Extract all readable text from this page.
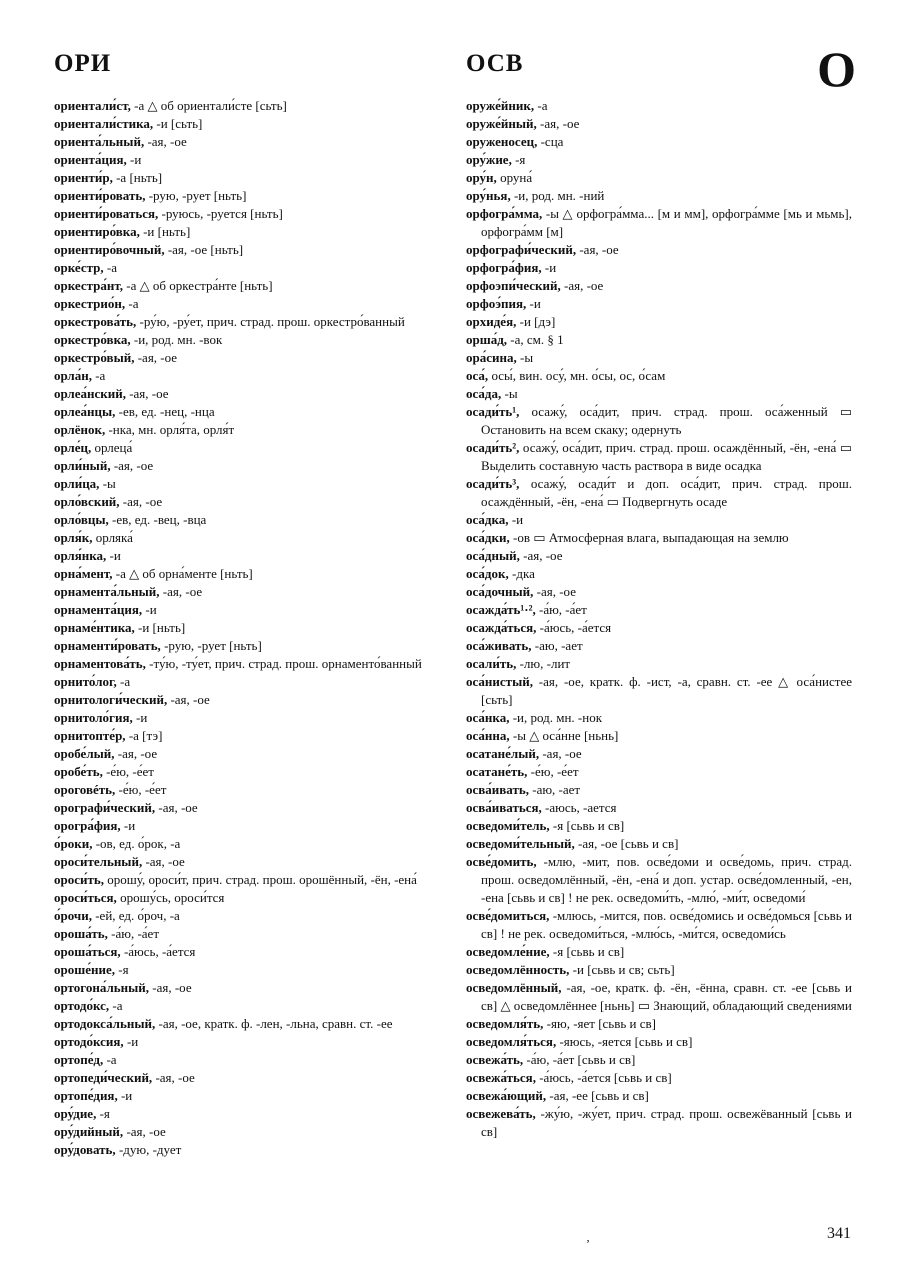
ОРИ	ОСВ	О
ориентали́ст, -а △ об ориентали́сте [сьть]
ориентали́стика, -и [сьть]
ориента́льный, -ая, -ое
ориента́ция, -и
ориенти́р, -а [ньть]
ориенти́ровать, -рую, -рует [ньть]
ориенти́роваться, -руюсь, -руется [ньть]
ориентиро́вка, -и [ньть]
ориентиро́вочный, -ая, -ое [ньть]
орке́стр, -а
оркестра́нт, -а △ об оркестра́нте [ньть]
оркестрио́н, -а
оркестрова́ть, -ру́ю, -ру́ет, прич. страд. прош. оркестро́ванный
оркестро́вка, -и, род. мн. -вок
оркестро́вый, -ая, -ое
орла́н, -а
орлеа́нский, -ая, -ое
орлеа́нцы, -ев, ед. -нец, -нца
орлёнок, -нка, мн. орля́та, орля́т
орле́ц, орлеца́
орли́ный, -ая, -ое
орли́ца, -ы
орло́вский, -ая, -ое
орло́вцы, -ев, ед. -вец, -вца
орля́к, орляка́
орля́нка, -и
орна́мент, -а △ об орна́менте [ньть]
орнамента́льный, -ая, -ое
орнамента́ция, -и
орнаме́нтика, -и [ньть]
орнаменти́ровать, -рую, -рует [ньть]
орнаментова́ть, -ту́ю, -ту́ет, прич. страд. прош. орнаменто́ванный
орнито́лог, -а
орнитологи́ческий, -ая, -ое
орнитоло́гия, -и
орнитопте́р, -а [тэ]
оробе́лый, -ая, -ое
оробе́ть, -е́ю, -е́ет
ороговéть, -е́ю, -е́ет
орографи́ческий, -ая, -ое
орогра́фия, -и
о́роки, -ов, ед. о́рок, -а
ороси́тельный, -ая, -ое
ороси́ть, орошу́, ороси́т, прич. страд. прош. орошённый, -ён, -ена́
ороси́ться, орошу́сь, ороси́тся
о́рочи, -ей, ед. о́роч, -а
ороша́ть, -а́ю, -а́ет
ороша́ться, -а́юсь, -а́ется
ороше́ние, -я
ортогона́льный, -ая, -ое
ортодо́кс, -а
ортодокса́льный, -ая, -ое, кратк. ф. -лен, -льна, сравн. ст. -ее
ортодо́ксия, -и
ортопе́д, -а
ортопеди́ческий, -ая, -ое
ортопе́дия, -и
ору́дие, -я
ору́дийный, -ая, -ое
ору́довать, -дую, -дует
оруже́йник, -а
оруже́йный, -ая, -ое
оруженосец, -сца
ору́жие, -я
ору́н, оруна́
ору́нья, -и, род. мн. -ний
орфогра́мма, -ы △ орфогра́мма... [м и мм], орфогра́мме [мь и мьмь], орфогра́мм [м]
орфографи́ческий, -ая, -ое
орфогра́фия, -и
орфоэпи́ческий, -ая, -ое
орфоэ́пия, -и
орхиде́я, -и [дэ]
орша́д, -а, см. § 1
ора́сина, -ы
оса́, осы́, вин. осу́, мн. о́сы, ос, о́сам
оса́да, -ы
осади́ть¹, осажу́, оса́дит, прич. страд. прош. оса́женный ▭ Остановить на всем скаку; одернуть
осади́ть², осажу́, оса́дит, прич. страд. прош. осаждённый, -ён, -ена́ ▭ Выделить составную часть раствора в виде осадка
осади́ть³, осажу́, осади́т и доп. оса́дит, прич. страд. прош. осаждённый, -ён, -ена́ ▭ Подвергнуть осаде
оса́дка, -и
оса́дки, -ов ▭ Атмосферная влага, выпадающая на землю
оса́дный, -ая, -ое
оса́док, -дка
оса́дочный, -ая, -ое
осажда́ть¹·², -а́ю, -а́ет
осажда́ться, -а́юсь, -а́ется
оса́живать, -аю, -ает
осали́ть, -лю, -лит
оса́нистый, -ая, -ое, кратк. ф. -ист, -а, сравн. ст. -ее △ оса́нистее [сьть]
оса́нка, -и, род. мн. -нок
оса́нна, -ы △ оса́нне [ньнь]
осатане́лый, -ая, -ое
осатане́ть, -е́ю, -е́ет
осва́ивать, -аю, -ает
осва́иваться, -аюсь, -ается
осведоми́тель, -я [сьвь и св]
осведоми́тельный, -ая, -ое [сьвь и св]
осве́домить, -млю, -мит, пов. осве́доми и осве́домь, прич. страд. прош. осведомлённый, -ён, -ена́ и доп. устар. осве́домленный, -ен, -ена [сьвь и св] ! не рек. осведоми́ть, -млю́, -ми́т, осведоми́
осве́домиться, -млюсь, -мится, пов. осве́домись и осве́домься [сьвь и св] ! не рек. осведоми́ться, -млю́сь, -ми́тся, осведоми́сь
осведомле́ние, -я [сьвь и св]
осведомлённость, -и [сьвь и св; сьть]
осведомлённый, -ая, -ое, кратк. ф. -ён, -ённа, сравн. ст. -ее [сьвь и св] △ осведомлённее [ньнь] ▭ Знающий, обладающий сведениями
осведомля́ть, -яю, -яет [сьвь и св]
осведомля́ться, -яюсь, -яется [сьвь и св]
освежа́ть, -а́ю, -а́ет [сьвь и св]
освежа́ться, -а́юсь, -а́ется [сьвь и св]
освежа́ющий, -ая, -ее [сьвь и св]
освежева́ть, -жу́ю, -жу́ет, прич. страд. прош. освежёванный [сьвь и св]
‚	341
